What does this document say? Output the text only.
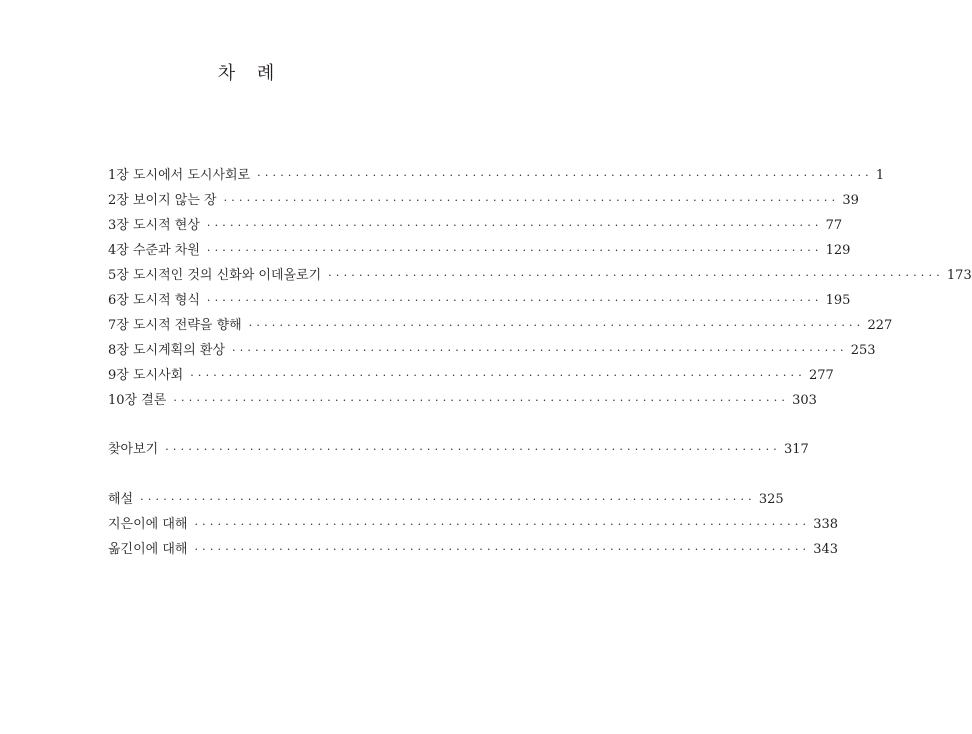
차 례
1장 도시에서 도시사회로 ················································································ 1
2장 보이지 않는 장 ················································································ 39
3장 도시적 현상 ················································································ 77
4장 수준과 차원 ················································································ 129
5장 도시적인 것의 신화와 이데올로기 ················································································ 173
6장 도시적 형식 ················································································ 195
7장 도시적 전략을 향해 ················································································ 227
8장 도시계획의 환상 ················································································ 253
9장 도시사회 ················································································ 277
10장 결론 ················································································ 303
찾아보기 ················································································ 317
해설 ················································································ 325
지은이에 대해 ················································································ 338
옮긴이에 대해 ················································································ 343
